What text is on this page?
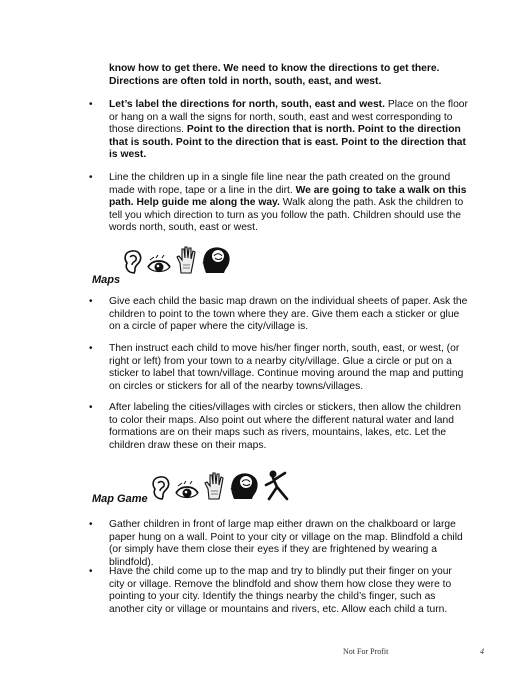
know how to get there. We need to know the directions to get there. Directions are often told in north, south, east, and west.
•	Let’s label the directions for north, south, east and west. Place on the floor or hang on a wall the signs for north, south, east and west corresponding to those directions. Point to the direction that is north. Point to the direction that is south. Point to the direction that is east. Point to the direction that is west.
•	Line the children up in a single file line near the path created on the ground made with rope, tape or a line in the dirt. We are going to take a walk on this path. Help guide me along the way. Walk along the path. Ask the children to tell you which direction to turn as you follow the path. Children should use the words north, south, east or west.
Maps
•	Give each child the basic map drawn on the individual sheets of paper. Ask the children to point to the town where they are. Give them each a sticker or glue on a circle of paper where the city/village is.
•	Then instruct each child to move his/her finger north, south, east, or west, (or right or left) from your town to a nearby city/village. Glue a circle or put on a sticker to label that town/village. Continue moving around the map and putting on circles or stickers for all of the nearby towns/villages.
•	After labeling the cities/villages with circles or stickers, then allow the children to color their maps. Also point out where the different natural water and land formations are on their maps such as rivers, mountains, lakes, etc. Let the children draw these on their maps.
Map Game
•	Gather children in front of large map either drawn on the chalkboard or large paper hung on a wall. Point to your city or village on the map. Blindfold a child (or simply have them close their eyes if they are frightened by wearing a blindfold).
•	Have the child come up to the map and try to blindly put their finger on your city or village. Remove the blindfold and show them how close they were to pointing to your city. Identify the things nearby the child’s finger, such as another city or village or mountains and rivers, etc. Allow each child a turn.
Not For Profit	4
